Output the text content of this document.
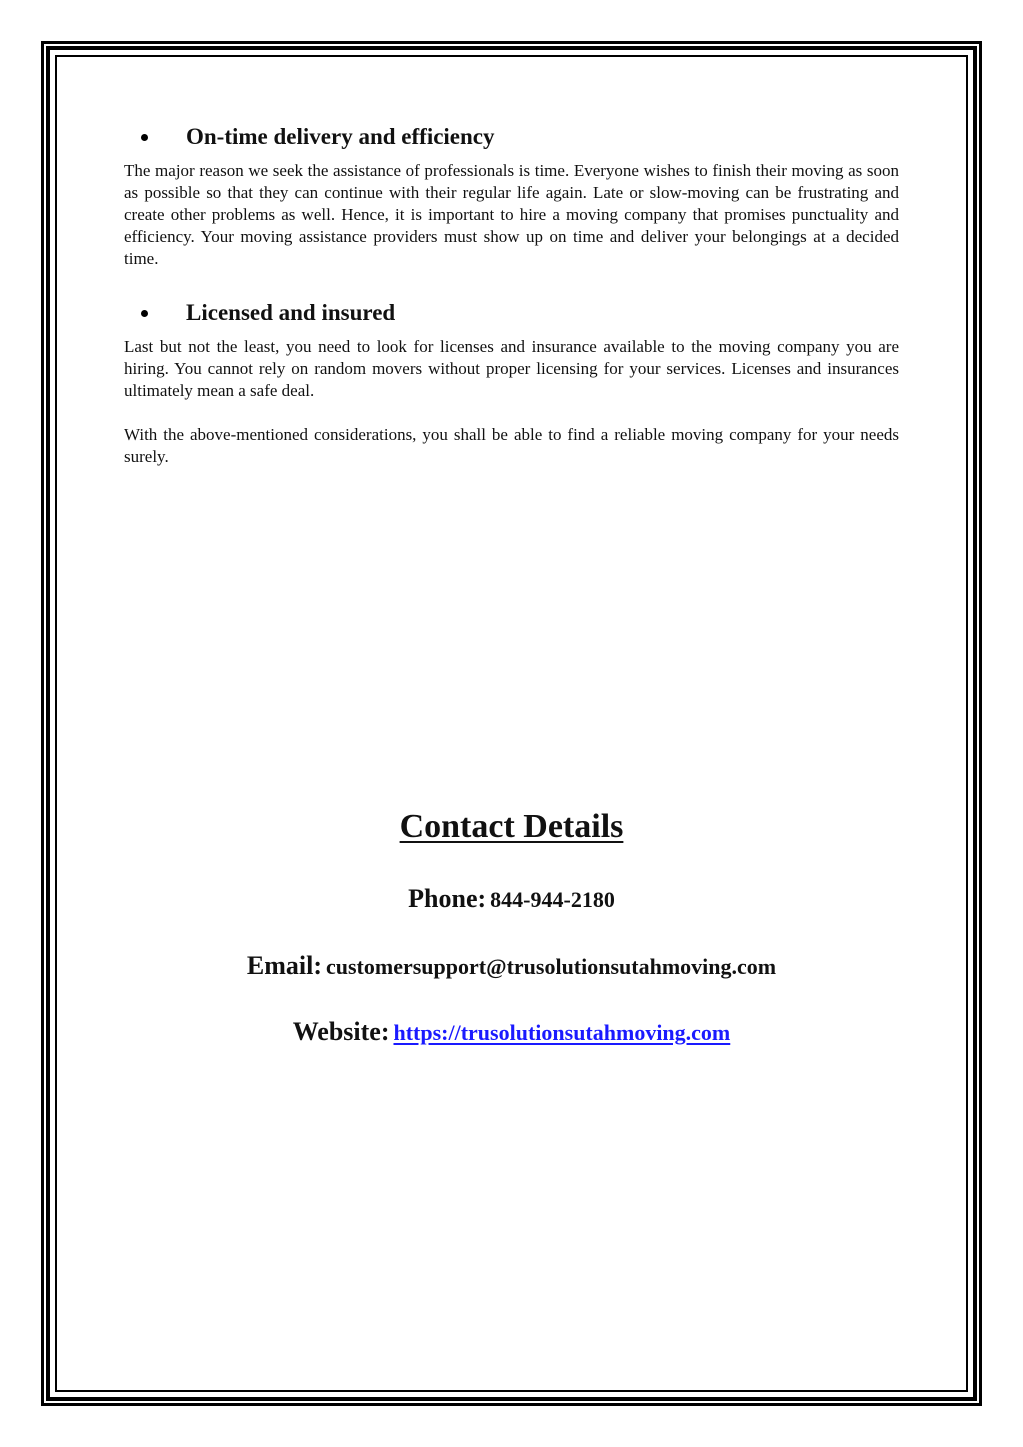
On-time delivery and efficiency

The major reason we seek the assistance of professionals is time. Everyone wishes to finish their moving as soon as possible so that they can continue with their regular life again. Late or slow-moving can be frustrating and create other problems as well. Hence, it is important to hire a moving company that promises punctuality and efficiency. Your moving assistance providers must show up on time and deliver your belongings at a decided time.

Licensed and insured

Last but not the least, you need to look for licenses and insurance available to the moving company you are hiring. You cannot rely on random movers without proper licensing for your services. Licenses and insurances ultimately mean a safe deal.

With the above-mentioned considerations, you shall be able to find a reliable moving company for your needs surely.

Contact Details
Phone: 844-944-2180
Email: customersupport@trusolutionsutahmoving.com
Website: https://trusolutionsutahmoving.com
